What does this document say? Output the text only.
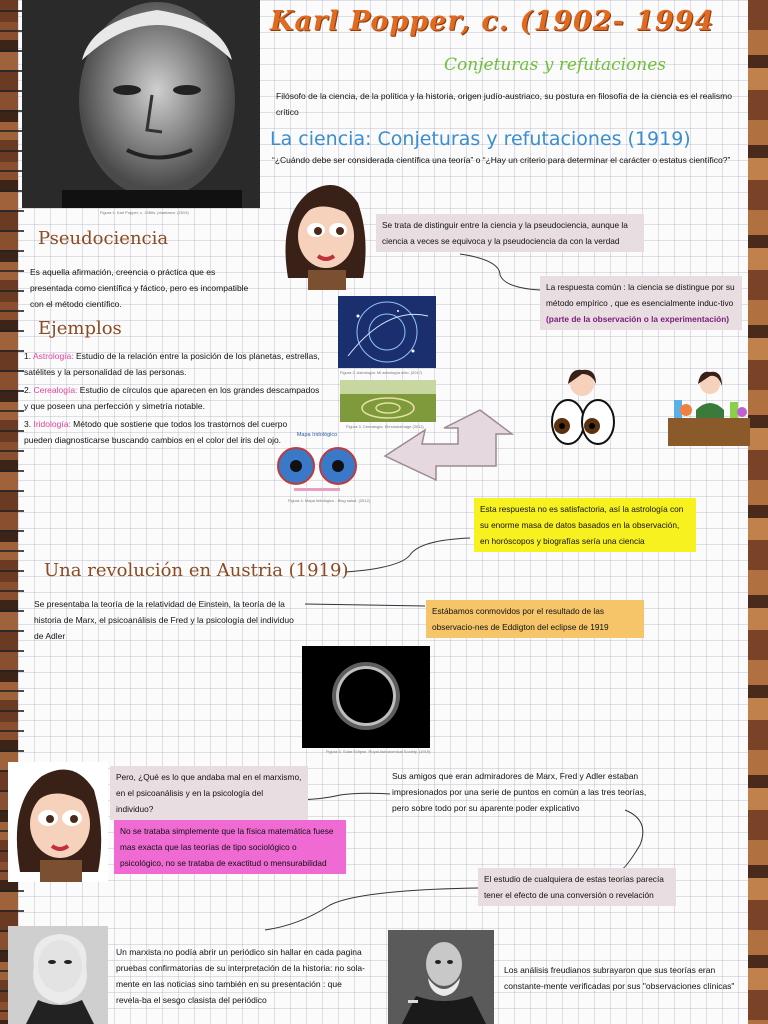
Figura 1. Karl Popper, c. 1980s. phantasm. (2019)
Karl Popper, c. (1902- 1994
Conjeturas y refutaciones
Filósofo de la ciencia, de la política y la historia, origen judío-austriaco, su postura en filosofía de la ciencia es el realismo crítico
La ciencia: Conjeturas y refutaciones (1919)
“¿Cuándo debe ser considerada científica una teoría” o “¿Hay un criterio para determinar el carácter o estatus científico?”
Se trata de distinguir entre la ciencia y la pseudociencia, aunque la ciencia a veces se equivoca y la pseudociencia da con la verdad
La respuesta común : la ciencia se distingue por su método empírico , que es esencialmente induc-tivo (parte de la observación o la experimentación)
Pseudociencia
Es aquella afirmación, creencia o práctica que es presentada como científica y fáctico, pero es incompatible con el método científico.
Ejemplos
1. Astrología: Estudio de la relación entre la posición de los planetas, estrellas, satélites y la personalidad de las personas.
2. Cerealogía: Estudio de círculos que aparecen en los grandes descampados y que poseen una perfección y simetría notable.
3. Iridología: Método que sostiene que todos los trastornos del cuerpo pueden diagnosticarse buscando cambios en el color del iris del ojo.
Figura 2. Astrología. Mi astrología mito. (2017)
Figura 3. Cerealogía. Elmundoimage (2011)
Mapa Iridológico
Figura 4. Mapa iridológico - Blog salud. (2012)
Esta respuesta no es satisfactoria, así la astrología con su enorme masa de datos basados en la observación, en horóscopos y biografías sería una ciencia
Una revolución en Austria (1919)
Se presentaba la teoría de la relatividad de Einstein, la teoría de la historia de Marx, el psicoanálisis de Fred y la psicología del individuo de Adler
Estábamos conmovidos por el resultado de las observacio-nes de Eddigton del eclipse de 1919
Figura 5. Solar Eclipse. Royal Astronomical Society. (1919)
Pero, ¿Qué es lo que andaba mal en el marxismo, en el psicoanálisis y en la psicología del individuo?
Sus amigos que eran admiradores de Marx, Fred y Adler estaban impresionados por una serie de puntos en común a las tres teorías, pero sobre todo por su aparente poder explicativo
No se trataba simplemente que la física matemática fuese mas exacta que las teorías de tipo sociológico o psicológico, no se trataba de exactitud o mensurabilidad
El estudio de cualquiera de estas teorías parecía tener el efecto de una conversión o revelación
Un marxista no podía abrir un periódico sin hallar en cada pagina pruebas confirmatorias de su interpretación de la historia: no sola-mente en las noticias sino también en su presentación : que revela-ba el sesgo clasista del periódico
Los análisis freudianos subrayaron que sus teorías eran constante-mente verificadas por sus "observaciones clínicas"
